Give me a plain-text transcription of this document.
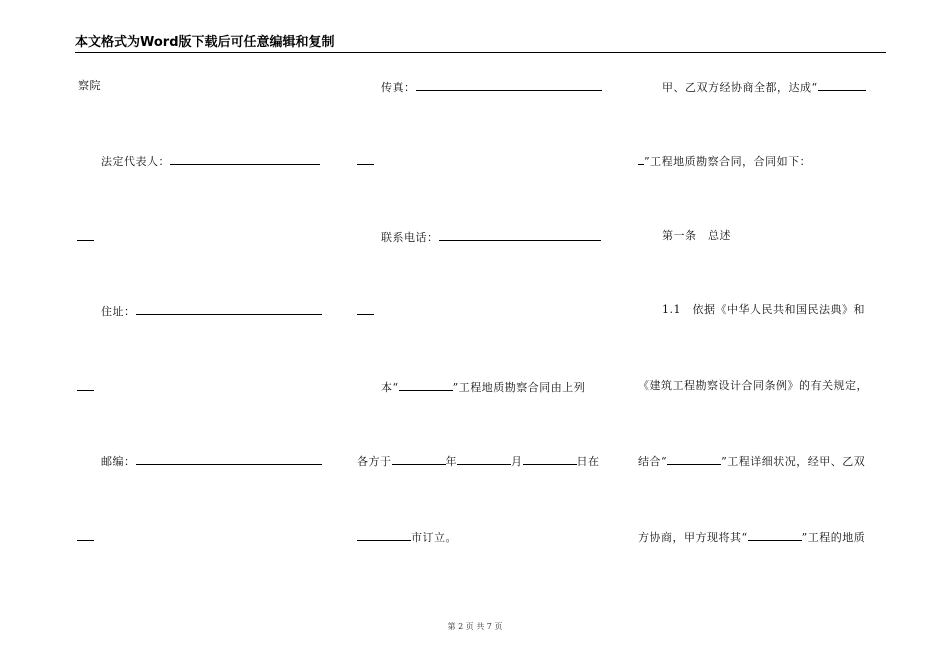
本文格式为Word版下载后可任意编辑和复制
察院
法定代表人：
住址：
邮编：
传真：
联系电话：
本“	”工程地质勘察合同由上列
各方于	年	月	日在
市订立。
甲、乙双方经协商全都，达成“
”工程地质勘察合同，合同如下：
第一条　总述
1.1　依据《中华人民共和国民法典》和
《建筑工程勘察设计合同条例》的有关规定，
结合“	”工程详细状况，经甲、乙双
方协商，甲方现将其“	”工程的地质
第 2 页 共 7 页
